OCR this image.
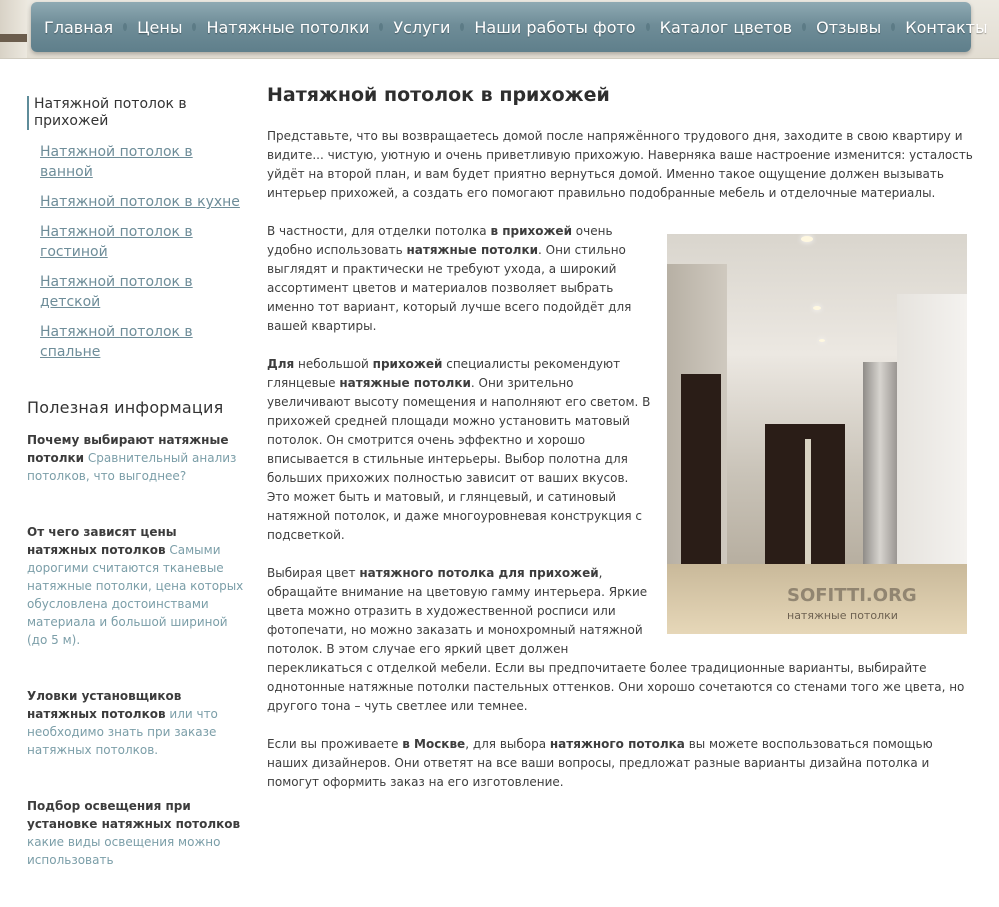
Главная Цены Натяжные потолки Услуги Наши работы фото Каталог цветов Отзывы Контакты
Натяжной потолок в прихожей
Натяжной потолок в ванной
Натяжной потолок в кухне
Натяжной потолок в гостиной
Натяжной потолок в детской
Натяжной потолок в спальне
Полезная информация
Почему выбирают натяжные потолки Сравнительный анализ потолков, что выгоднее?
От чего зависят цены натяжных потолков Самыми дорогими считаются тканевые натяжные потолки, цена которых обусловлена достоинствами материала и большой шириной (до 5 м).
Уловки установщиков натяжных потолков или что необходимо знать при заказе натяжных потолков.
Подбор освещения при установке натяжных потолков какие виды освещения можно использовать
Натяжной потолок в прихожей

Представьте, что вы возвращаетесь домой после напряжённого трудового дня, заходите в свою квартиру и видите... чистую, уютную и очень приветливую прихожую. Наверняка ваше настроение изменится: усталость уйдёт на второй план, и вам будет приятно вернуться домой. Именно такое ощущение должен вызывать интерьер прихожей, а создать его помогают правильно подобранные мебель и отделочные материалы.

SOFITTI.ORG
натяжные потолки

В частности, для отделки потолка в прихожей очень удобно использовать натяжные потолки. Они стильно выглядят и практически не требуют ухода, а широкий ассортимент цветов и материалов позволяет выбрать именно тот вариант, который лучше всего подойдёт для вашей квартиры.

Для небольшой прихожей специалисты рекомендуют глянцевые натяжные потолки. Они зрительно увеличивают высоту помещения и наполняют его светом. В прихожей средней площади можно установить матовый потолок. Он смотрится очень эффектно и хорошо вписывается в стильные интерьеры. Выбор полотна для больших прихожих полностью зависит от ваших вкусов. Это может быть и матовый, и глянцевый, и сатиновый натяжной потолок, и даже многоуровневая конструкция с подсветкой.

Выбирая цвет натяжного потолка для прихожей, обращайте внимание на цветовую гамму интерьера. Яркие цвета можно отразить в художественной росписи или фотопечати, но можно заказать и монохромный натяжной потолок. В этом случае его яркий цвет должен перекликаться с отделкой мебели. Если вы предпочитаете более традиционные варианты, выбирайте однотонные натяжные потолки пастельных оттенков. Они хорошо сочетаются со стенами того же цвета, но другого тона – чуть светлее или темнее.

Если вы проживаете в Москве, для выбора натяжного потолка вы можете воспользоваться помощью наших дизайнеров. Они ответят на все ваши вопросы, предложат разные варианты дизайна потолка и помогут оформить заказ на его изготовление.
